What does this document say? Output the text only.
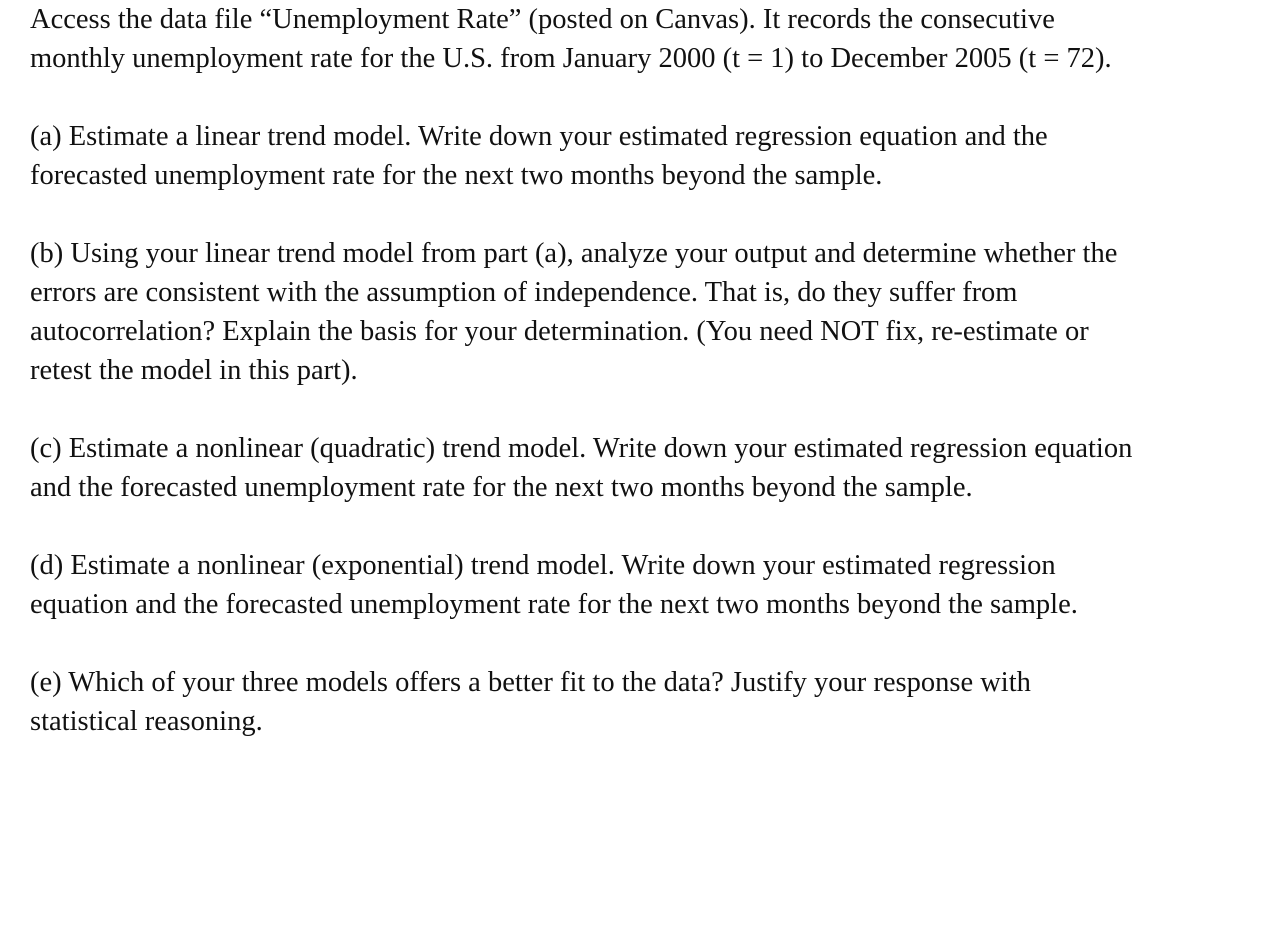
Access the data file “Unemployment Rate” (posted on Canvas). It records the consecutive
monthly unemployment rate for the U.S. from January 2000 (t = 1) to December 2005 (t = 72).

(a) Estimate a linear trend model. Write down your estimated regression equation and the
forecasted unemployment rate for the next two months beyond the sample.

(b) Using your linear trend model from part (a), analyze your output and determine whether the
errors are consistent with the assumption of independence. That is, do they suffer from
autocorrelation? Explain the basis for your determination. (You need NOT fix, re-estimate or
retest the model in this part).

(c) Estimate a nonlinear (quadratic) trend model. Write down your estimated regression equation
and the forecasted unemployment rate for the next two months beyond the sample.

(d) Estimate a nonlinear (exponential) trend model. Write down your estimated regression
equation and the forecasted unemployment rate for the next two months beyond the sample.

(e) Which of your three models offers a better fit to the data? Justify your response with
statistical reasoning.
